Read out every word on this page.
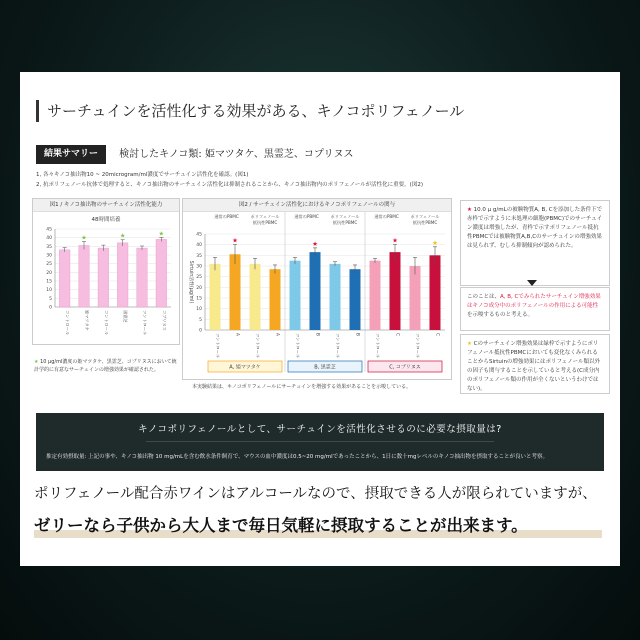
サーチュインを活性化する効果がある、キノコポリフェノール
結果サマリー 検討したキノコ類: 姫マツタケ、黒霊芝、コプリヌス
1, 各々キノコ抽出物10 ~ 20microgram/ml濃度でサーチュイン活性化を確認。(図1)
2, 抗ポリフェノール抗体で処理すると、キノコ抽出物のサーチュイン活性化は抑制されることから、キノコ抽出物内のポリフェノールが活性化に重要。(図2)
図1 / キノコ抽出物のサーチュイン活性化能力
48時間培養
0
5
10
15
20
25
30
35
40
45
コントロール
★
姫マツタケ	コントロール
★
黒霊芝	コントロール
★
コプリヌス
★ 10 μg/ml濃度の姫マツタケ、黒霊芝、コプリヌスにおいて統計学的に有意なサーチュインの増強効果が確認された。
図2 / サーチュイン活性化におけるキノコポリフェノールの関与
0
5
10
15
20
25
30
35
40
45
Sirtuin活性(μg/ml)
通常のPBMC	ポリフェノール
抵抗性PBMC
コントロール
★
A	コントロール	A
A, 姫マツタケ
通常のPBMC	ポリフェノール
抵抗性PBMC
コントロール
★
B	コントロール	B
B, 黒霊芝
通常のPBMC	ポリフェノール
抵抗性PBMC
コントロール
★
C	コントロール
★
C
C, コプリヌス
本実験結果は、キノコポリフェノールにサーチュインを増強する効果があることを示唆している。
★ 10.0 μ g/mLの被験物質A, B, Cを添加した条件下で赤枠で示すように未処理の細胞(PBMC)でのサーチュイン濃度は増強したが、青枠で示すポリフェノール抵抗性PBMCでは被験物質A,B,Cのサーチュインの増強効果は見られず、むしろ抑制傾向が認められた。
このことは、A, B, Cでみられたサーチュイン増強効果はキノコ成分中のポリフェノールの作用による可能性を示唆するものと考える。
★ Cのサーチュイン増強効果は緑枠で示すようにポリフェノール抵抗性PBMCにおいても変化なくみられることからSirtuinの増強効果にはポリフェノール類以外の因子も関与することを示していると考える(C成分内のポリフェノール類の作用が全くないというわけではない)。
キノコポリフェノールとして、サーチュインを活性化させるのに必要な摂取量は?
推定有効摂取量: 上記の事や、キノコ抽出物 10 mg/mLを含む飲水条件飼育で、マウスの血中濃度は0.5~20 mg/mlであったことから、1日に数十mgレベルのキノコ抽出物を摂取することが良いと考察。
ポリフェノール配合赤ワインはアルコールなので、摂取できる人が限られていますが、
ゼリーなら子供から大人まで毎日気軽に摂取することが出来ます。
